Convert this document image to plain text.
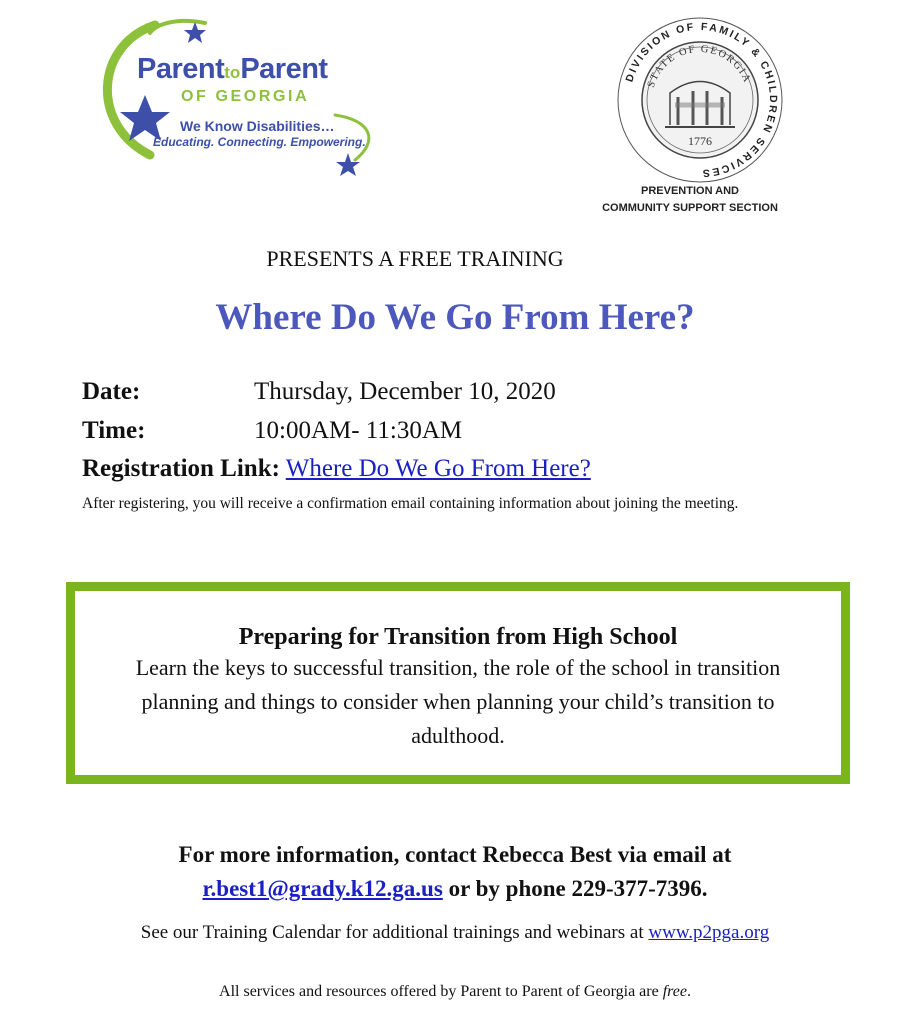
ParenttoParent
OF GEORGIA
We Know Disabilities…
Educating. Connecting. Empowering.
DIVISION OF FAMILY & CHILDREN SERVICES
STATE OF GEORGIA
1776
PREVENTION AND
COMMUNITY SUPPORT SECTION
PRESENTS A FREE TRAINING
Where Do We Go From Here?
Date:	Thursday, December 10, 2020
Time:	10:00AM- 11:30AM
Registration Link: Where Do We Go From Here?
After registering, you will receive a confirmation email containing information about joining the meeting.
Preparing for Transition from High School
Learn the keys to successful transition, the role of the school in transition planning and things to consider when planning your child’s transition to adulthood.
For more information, contact Rebecca Best via email at
r.best1@grady.k12.ga.us or by phone 229-377-7396.
See our Training Calendar for additional trainings and webinars at www.p2pga.org
All services and resources offered by Parent to Parent of Georgia are free.
